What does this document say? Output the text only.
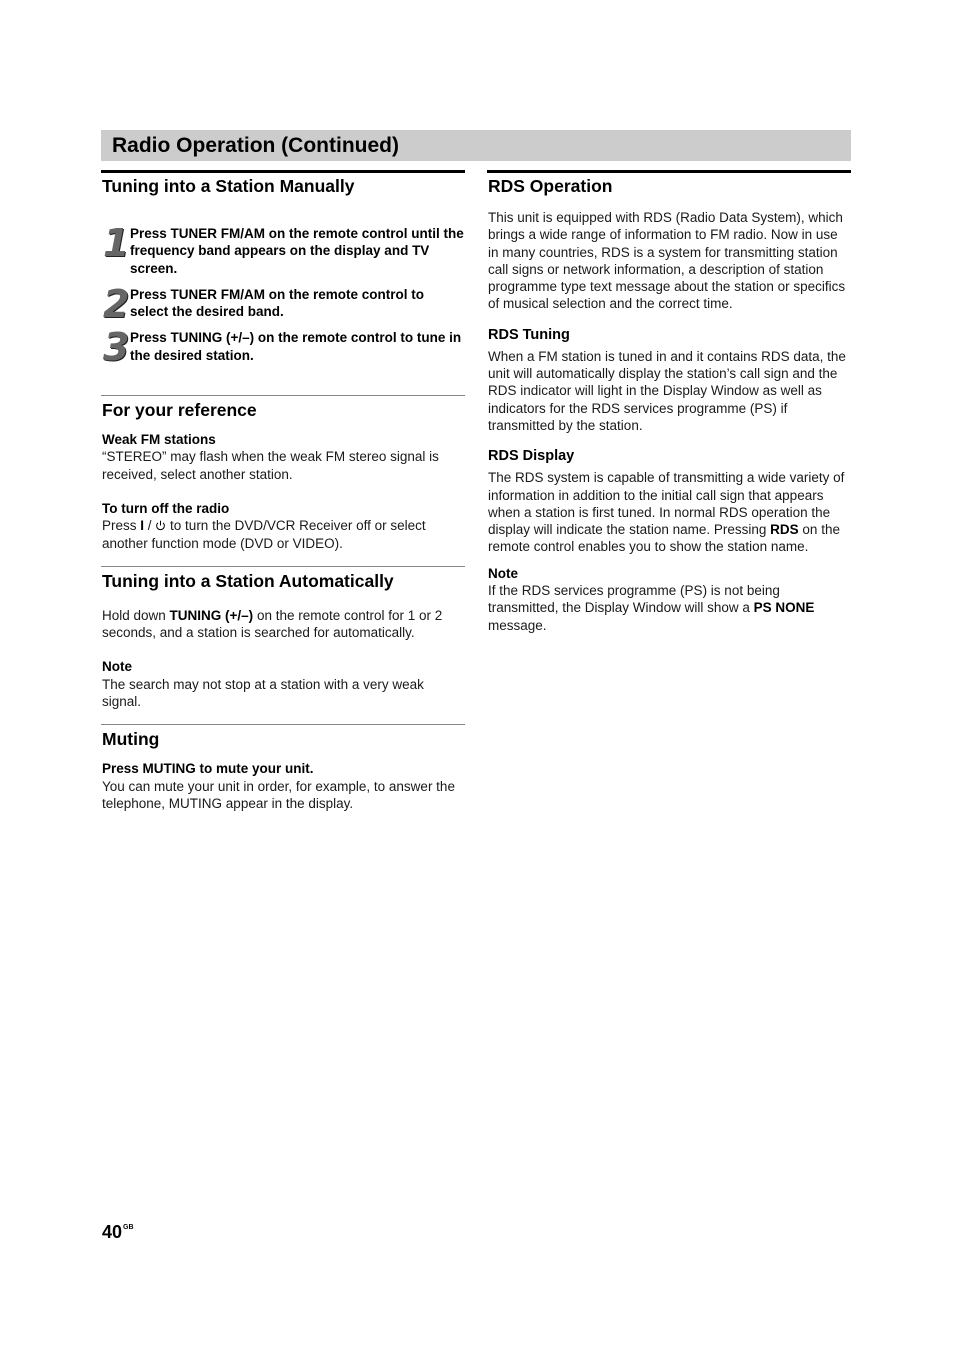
Radio Operation (Continued)
Tuning into a Station Manually
1 Press TUNER FM/AM on the remote control until the frequency band appears on the display and TV screen.
2 Press TUNER FM/AM on the remote control to select the desired band.
3 Press TUNING (+/–) on the remote control to tune in the desired station.
For your reference
Weak FM stations

“STEREO” may flash when the weak FM stereo signal is received, select another station.

To turn off the radio

Press I /  to turn the DVD/VCR Receiver off or select another function mode (DVD or VIDEO).

Tuning into a Station Automatically

Hold down TUNING (+/–) on the remote control for 1 or 2 seconds, and a station is searched for automatically.

Note

The search may not stop at a station with a very weak signal.

Muting
Press MUTING to mute your unit.

You can mute your unit in order, for example, to answer the telephone, MUTING appear in the display.

RDS Operation

This unit is equipped with RDS (Radio Data System), which brings a wide range of information to FM radio. Now in use in many countries, RDS is a system for transmitting station call signs or network information, a description of station programme type text message about the station or specifics of musical selection and the correct time.

RDS Tuning

When a FM station is tuned in and it contains RDS data, the unit will automatically display the station’s call sign and the RDS indicator will light in the Display Window as well as indicators for the RDS services programme (PS) if transmitted by the station.

RDS Display

The RDS system is capable of transmitting a wide variety of information in addition to the initial call sign that appears when a station is first tuned. In normal RDS operation the display will indicate the station name. Pressing RDS on the remote control enables you to show the station name.

Note

If the RDS services programme (PS) is not being transmitted, the Display Window will show a PS NONE message.

$40^{GB}$
